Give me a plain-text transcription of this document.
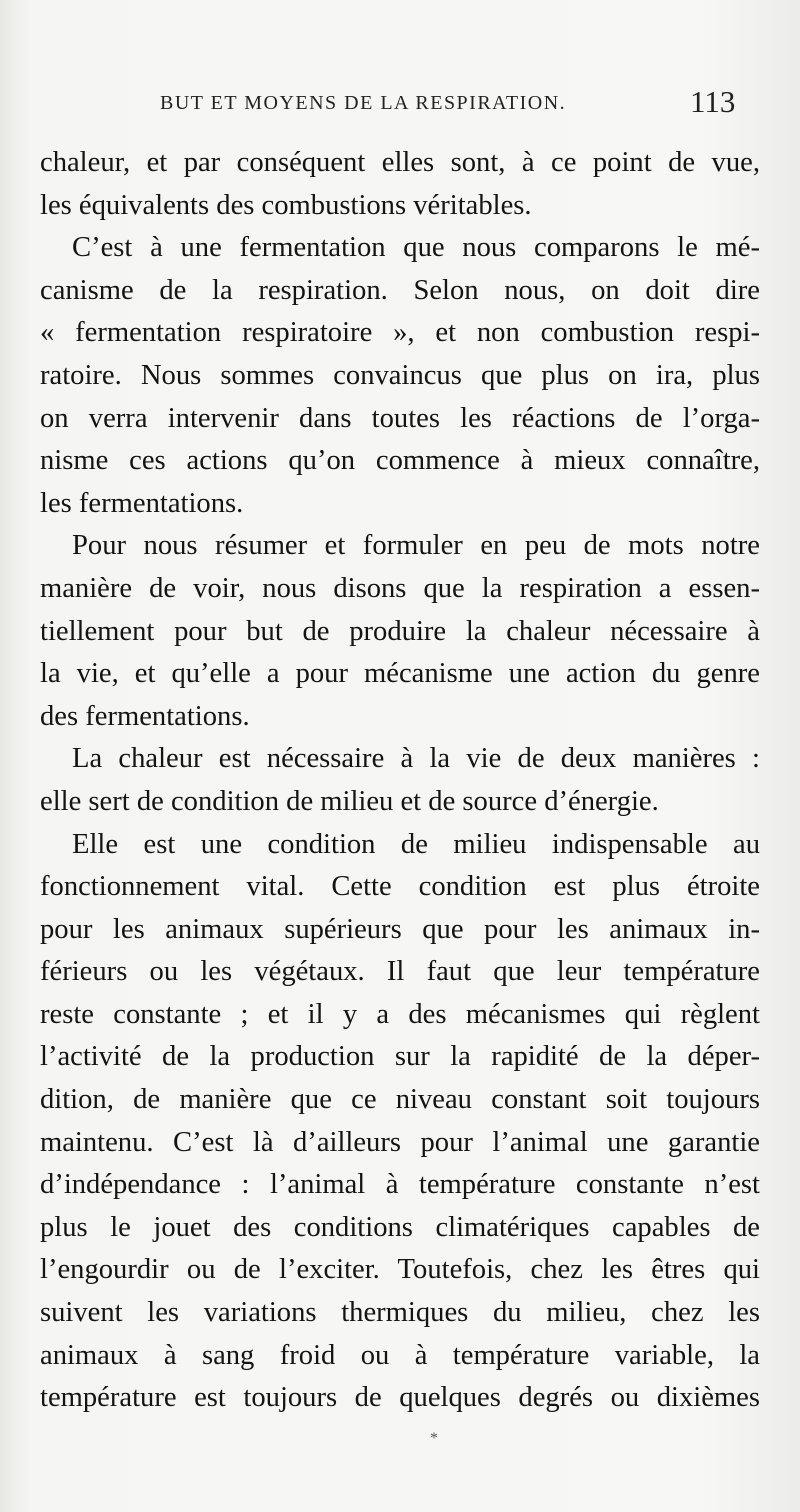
BUT ET MOYENS DE LA RESPIRATION.	113
chaleur, et par conséquent elles sont, à ce point de vue,
les équivalents des combustions véritables.
C’est à une fermentation que nous comparons le mé-
canisme de la respiration. Selon nous, on doit dire
« fermentation respiratoire », et non combustion respi-
ratoire. Nous sommes convaincus que plus on ira, plus
on verra intervenir dans toutes les réactions de l’orga-
nisme ces actions qu’on commence à mieux connaître,
les fermentations.
Pour nous résumer et formuler en peu de mots notre
manière de voir, nous disons que la respiration a essen-
tiellement pour but de produire la chaleur nécessaire à
la vie, et qu’elle a pour mécanisme une action du genre
des fermentations.
La chaleur est nécessaire à la vie de deux manières :
elle sert de condition de milieu et de source d’énergie.
Elle est une condition de milieu indispensable au
fonctionnement vital. Cette condition est plus étroite
pour les animaux supérieurs que pour les animaux in-
férieurs ou les végétaux. Il faut que leur température
reste constante ; et il y a des mécanismes qui règlent
l’activité de la production sur la rapidité de la déper-
dition, de manière que ce niveau constant soit toujours
maintenu. C’est là d’ailleurs pour l’animal une garantie
d’indépendance : l’animal à température constante n’est
plus le jouet des conditions climatériques capables de
l’engourdir ou de l’exciter. Toutefois, chez les êtres qui
suivent les variations thermiques du milieu, chez les
animaux à sang froid ou à température variable, la
température est toujours de quelques degrés ou dixièmes
*
